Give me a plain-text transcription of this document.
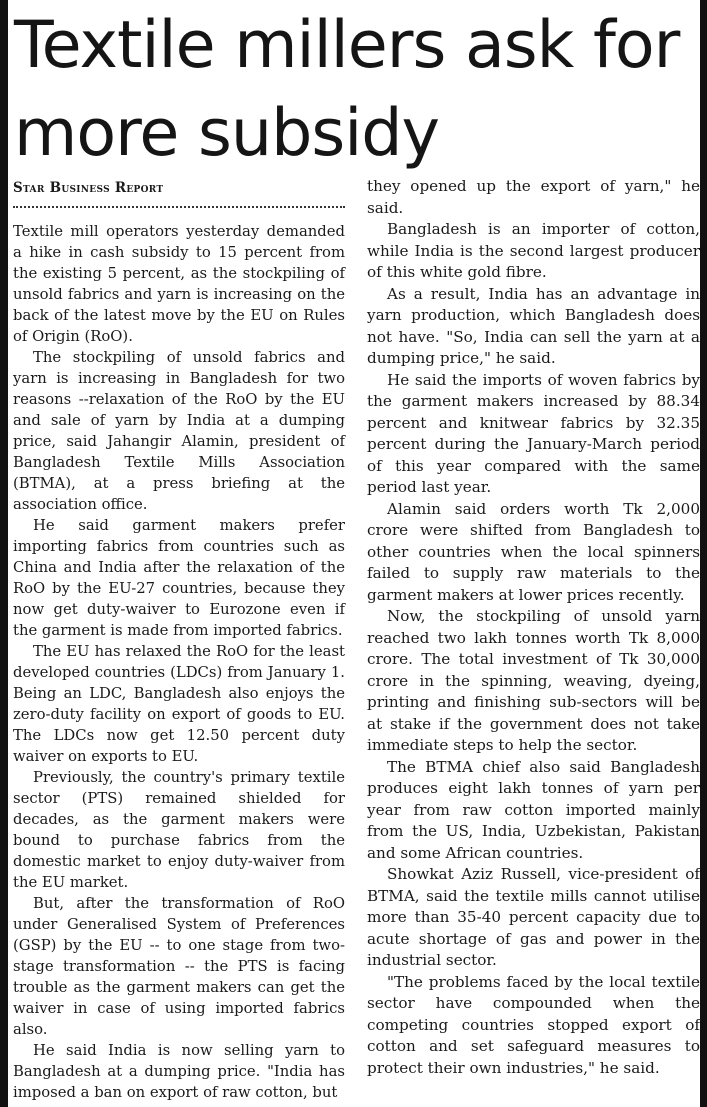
Textile millers ask for more subsidy
Star Business Report

Textile mill operators yesterday demanded a hike in cash subsidy to 15 percent from the existing 5 percent, as the stockpiling of unsold fabrics and yarn is increasing on the back of the latest move by the EU on Rules of Origin (RoO).

The stockpiling of unsold fabrics and yarn is increasing in Bangladesh for two reasons --relaxation of the RoO by the EU and sale of yarn by India at a dumping price, said Jahangir Alamin, president of Bangladesh Textile Mills Association (BTMA), at a press briefing at the association office.

He said garment makers prefer importing fabrics from countries such as China and India after the relaxation of the RoO by the EU-27 countries, because they now get duty-waiver to Eurozone even if the garment is made from imported fabrics.

The EU has relaxed the RoO for the least developed countries (LDCs) from January 1. Being an LDC, Bangladesh also enjoys the zero-duty facility on export of goods to EU. The LDCs now get 12.50 percent duty waiver on exports to EU.

Previously, the country's primary textile sector (PTS) remained shielded for decades, as the garment makers were bound to purchase fabrics from the domestic market to enjoy duty-waiver from the EU market.

But, after the transformation of RoO under Generalised System of Preferences (GSP) by the EU -- to one stage from two-stage transformation -- the PTS is facing trouble as the garment makers can get the waiver in case of using imported fabrics also.

He said India is now selling yarn to Bangladesh at a dumping price. "India has imposed a ban on export of raw cotton, but

they opened up the export of yarn," he said.

Bangladesh is an importer of cotton, while India is the second largest producer of this white gold fibre.

As a result, India has an advantage in yarn production, which Bangladesh does not have. "So, India can sell the yarn at a dumping price," he said.

He said the imports of woven fabrics by the garment makers increased by 88.34 percent and knitwear fabrics by 32.35 percent during the January-March period of this year compared with the same period last year.

Alamin said orders worth Tk 2,000 crore were shifted from Bangladesh to other countries when the local spinners failed to supply raw materials to the garment makers at lower prices recently.

Now, the stockpiling of unsold yarn reached two lakh tonnes worth Tk 8,000 crore. The total investment of Tk 30,000 crore in the spinning, weaving, dyeing, printing and finishing sub-sectors will be at stake if the government does not take immediate steps to help the sector.

The BTMA chief also said Bangladesh produces eight lakh tonnes of yarn per year from raw cotton imported mainly from the US, India, Uzbekistan, Pakistan and some African countries.

Showkat Aziz Russell, vice-president of BTMA, said the textile mills cannot utilise more than 35-40 percent capacity due to acute shortage of gas and power in the industrial sector.

"The problems faced by the local textile sector have compounded when the competing countries stopped export of cotton and set safeguard measures to protect their own industries," he said.
